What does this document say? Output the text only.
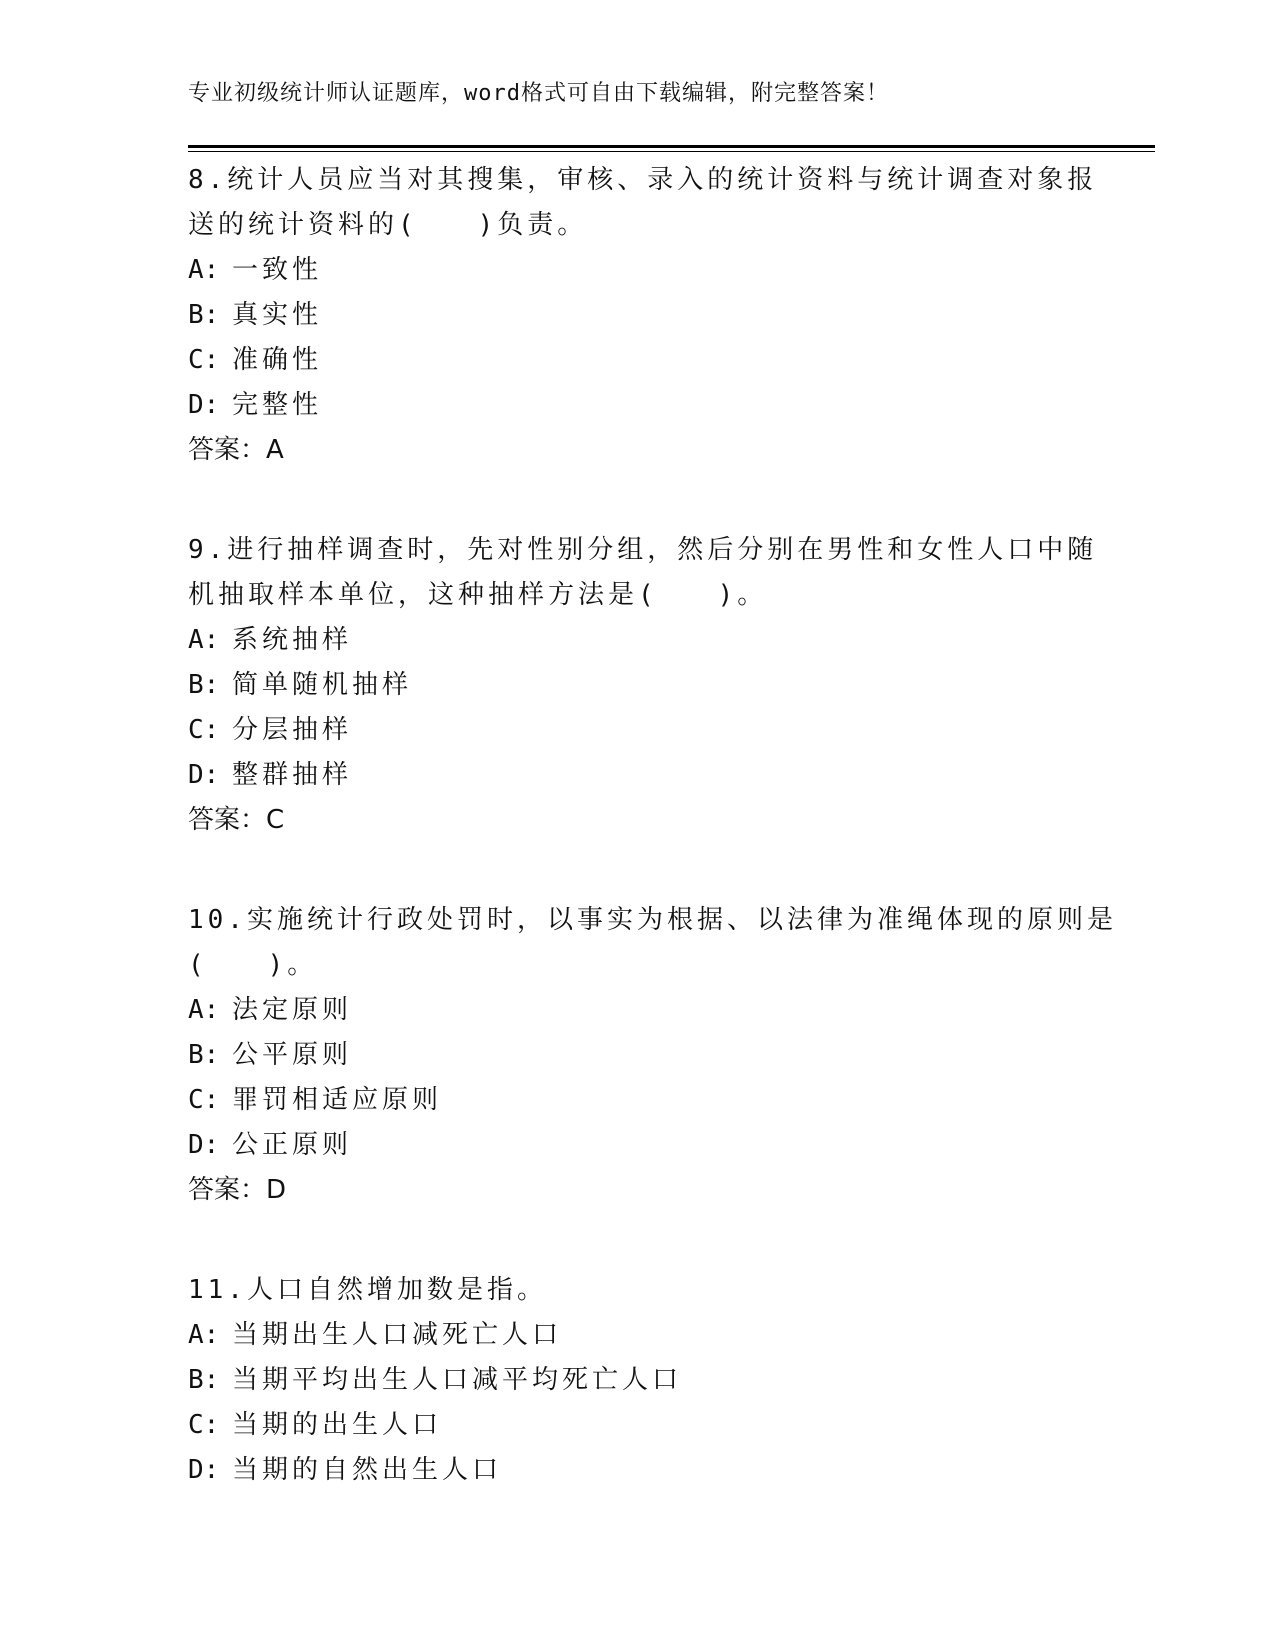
专业初级统计师认证题库，word格式可自由下载编辑，附完整答案！
8.统计人员应当对其搜集，审核、录入的统计资料与统计调查对象报
送的统计资料的(　　)负责。
A: 一致性
B: 真实性
C: 准确性
D: 完整性
答案：A
9.进行抽样调查时，先对性别分组，然后分别在男性和女性人口中随
机抽取样本单位，这种抽样方法是(　　)。
A: 系统抽样
B: 简单随机抽样
C: 分层抽样
D: 整群抽样
答案：C
10.实施统计行政处罚时，以事实为根据、以法律为准绳体现的原则是
(　　)。
A: 法定原则
B: 公平原则
C: 罪罚相适应原则
D: 公正原则
答案：D
11.人口自然增加数是指。
A: 当期出生人口减死亡人口
B: 当期平均出生人口减平均死亡人口
C: 当期的出生人口
D: 当期的自然出生人口
